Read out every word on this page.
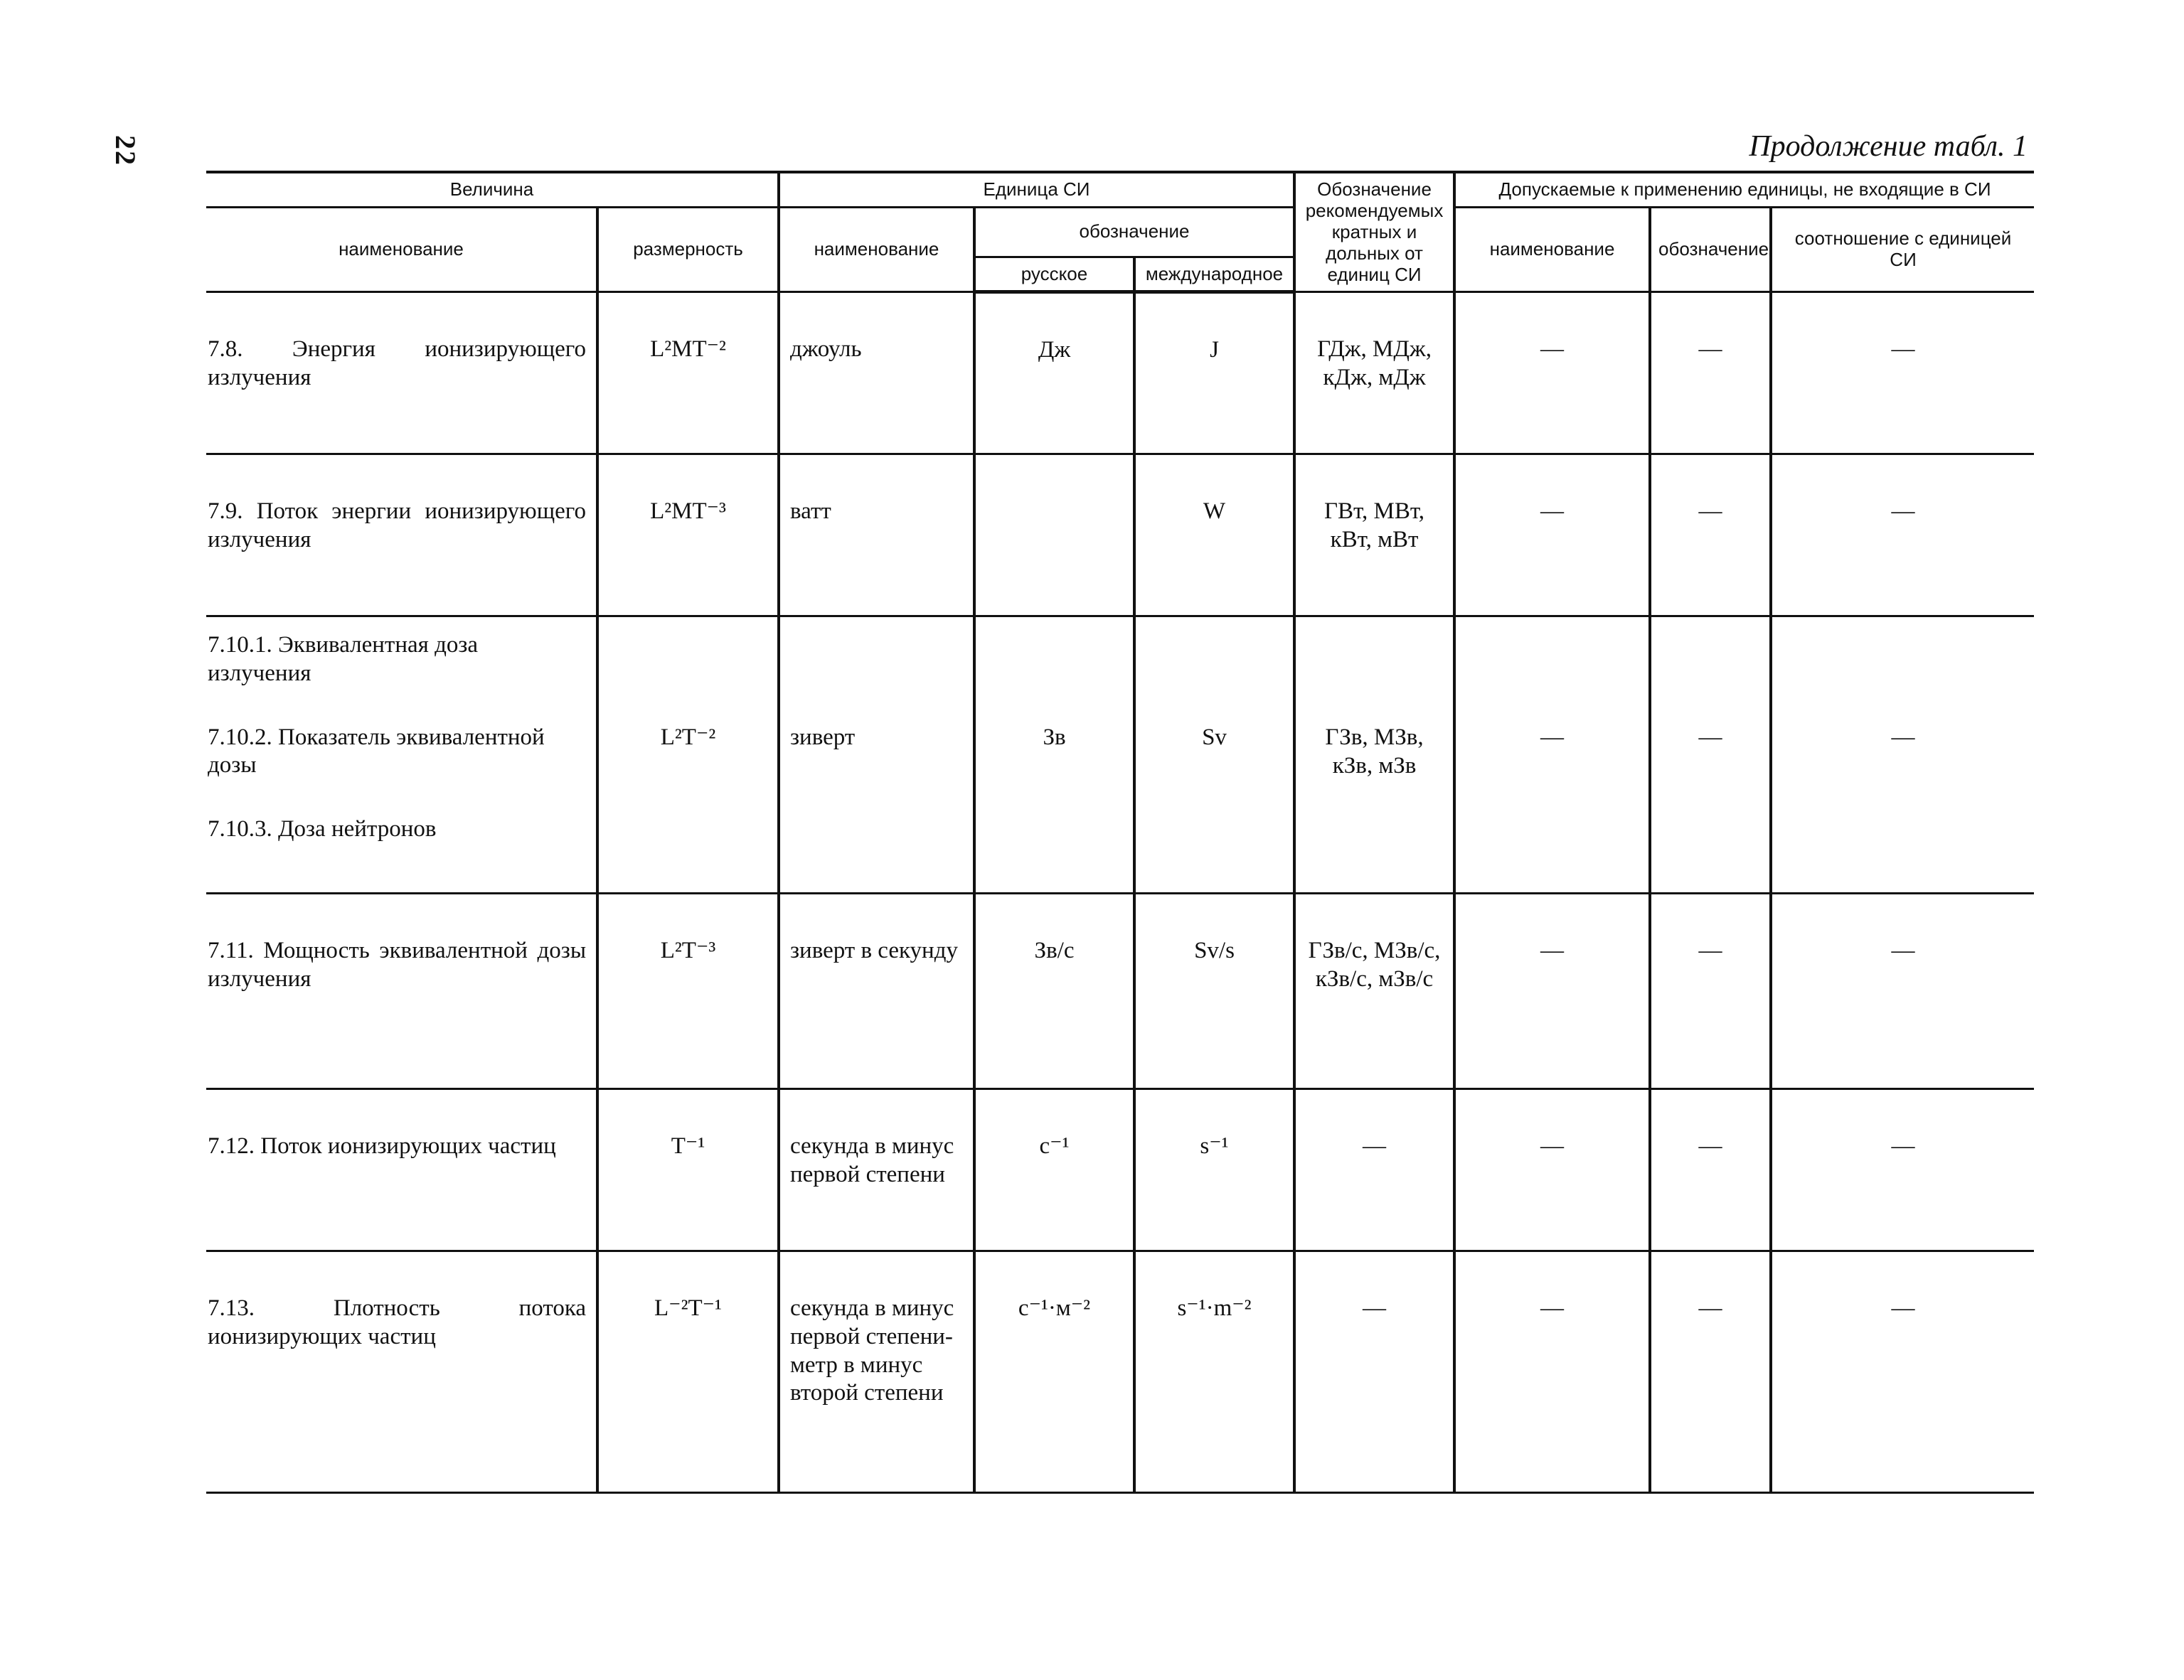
22	Продолжение табл. 1
Величина		Единица СИ			Обозначение рекомендуемых кратных и дольных от единиц СИ	Допускаемые к применению единицы, не входящие в СИ		
наименование	размерность	наименование	обозначение			наименование	обозначение	соотношение с единицей СИ
			русское	международное				
7.8. Энергия ионизирующего излучения	L²MT⁻²	джоуль	Дж	J	ГДж, МДж, кДж, мДж	—	—	—
7.9. Поток энергии ионизирующего излучения	L²MT⁻³	ватт		W	ГВт, МВт, кВт, мВт	—	—	—

7.10.1. Эквивалентная доза излучения

7.10.2. Показатель эквивалентной дозы

7.10.3. Доза нейтронов	L²T⁻²	зиверт	Зв	Sv	ГЗв, МЗв, кЗв, мЗв	—	—	—
7.11. Мощность эквивалентной дозы излучения	L²T⁻³	зиверт в секунду	Зв/с	Sv/s	ГЗв/с, МЗв/с, кЗв/с, мЗв/с	—	—	—
7.12. Поток ионизирующих частиц	T⁻¹	секунда в минус первой степени	с⁻¹	s⁻¹	—	—	—	—
7.13. Плотность потока ионизирующих частиц	L⁻²T⁻¹	секунда в минус первой степени-метр в минус второй степени	с⁻¹·м⁻²	s⁻¹·m⁻²	—	—	—	—
